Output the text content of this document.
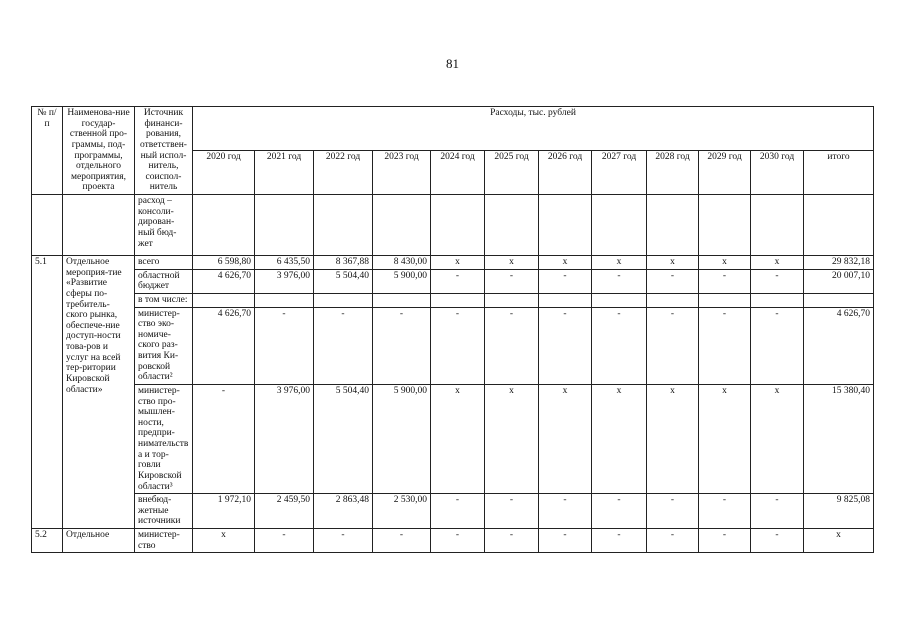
81
№ п/п	Наименова-ние государ-ственной про-граммы, под-программы, отдельного мероприятия, проекта	Источник финанси-рования, ответствен-ный испол-нитель, соиспол-нитель	Расходы, тыс. рублей											
			2020 год	2021 год	2022 год	2023 год	2024 год	2025 год	2026 год	2027 год	2028 год	2029 год	2030 год	итого
		расход – консоли-дирован-ный бюд-жет												
5.1	Отдельное мероприя-тие «Развитие сферы по-требитель-ского рынка, обеспече-ние доступ-ности това-ров и услуг на всей тер-ритории Кировской области»	всего	6 598,80	6 435,50	8 367,88	8 430,00	х	х	х	х	х	х	х	29 832,18
		областной бюджет	4 626,70	3 976,00	5 504,40	5 900,00	-	-	-	-	-	-	-	20 007,10
		в том числе:												
		министер-ство эко-номиче-ского раз-вития Ки-ровской области²	4 626,70	-	-	-	-	-	-	-	-	-	-	4 626,70
		министер-ство про-мышлен-ности, предпри-нимательства и тор-говли Кировской области³	-	3 976,00	5 504,40	5 900,00	х	х	х	х	х	х	х	15 380,40
		внебюд-жетные источники	1 972,10	2 459,50	2 863,48	2 530,00	-	-	-	-	-	-	-	9 825,08
5.2	Отдельное	министер-ство	х	-	-	-	-	-	-	-	-	-	-	х
